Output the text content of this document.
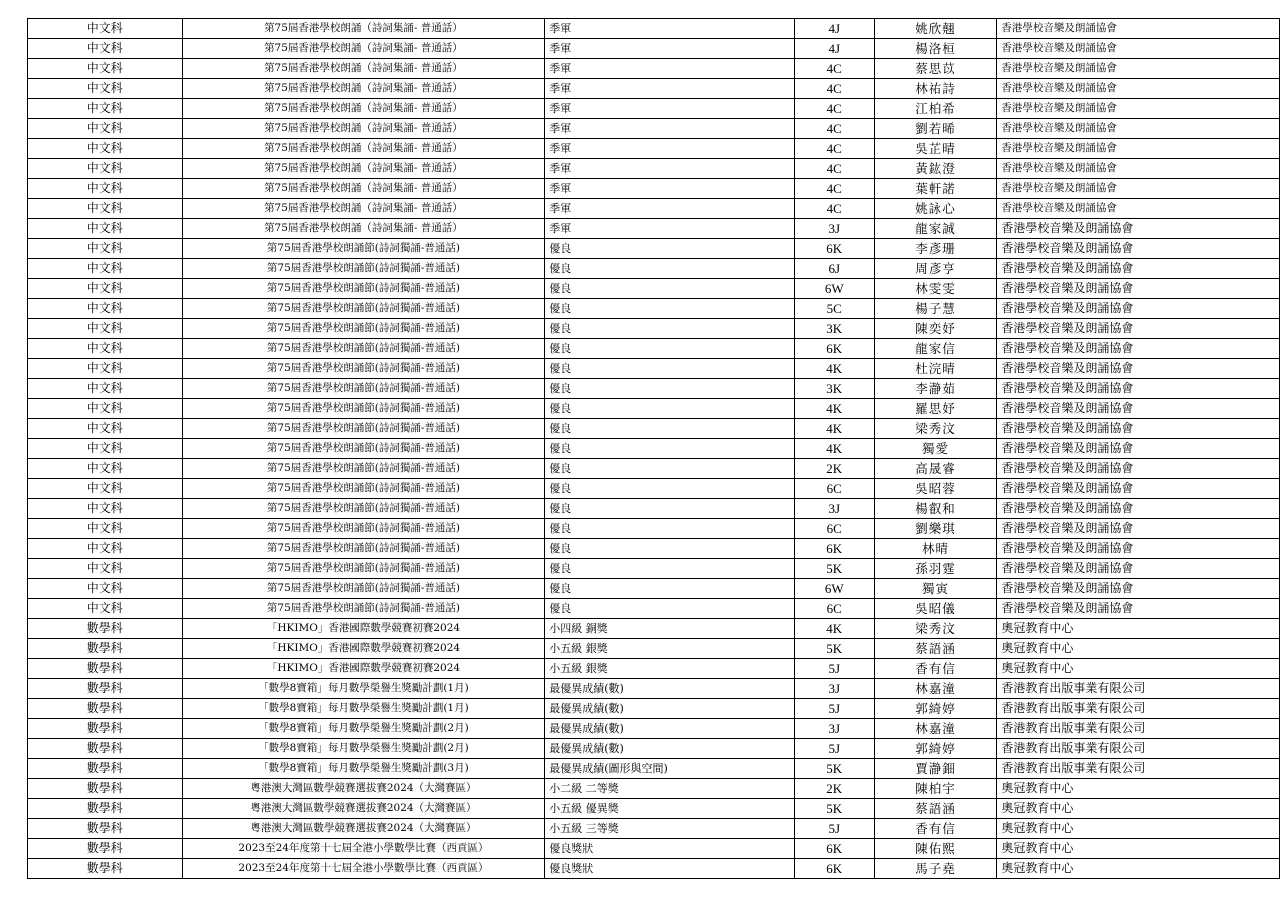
中文科	第75屆香港學校朗誦（詩詞集誦- 普通話）	季軍	4J	姚欣翹	香港學校音樂及朗誦協會
中文科	第75屆香港學校朗誦（詩詞集誦- 普通話）	季軍	4J	楊洛桓	香港學校音樂及朗誦協會
中文科	第75屆香港學校朗誦（詩詞集誦- 普通話）	季軍	4C	蔡思苡	香港學校音樂及朗誦協會
中文科	第75屆香港學校朗誦（詩詞集誦- 普通話）	季軍	4C	林祐詩	香港學校音樂及朗誦協會
中文科	第75屆香港學校朗誦（詩詞集誦- 普通話）	季軍	4C	江柏希	香港學校音樂及朗誦協會
中文科	第75屆香港學校朗誦（詩詞集誦- 普通話）	季軍	4C	劉若晞	香港學校音樂及朗誦協會
中文科	第75屆香港學校朗誦（詩詞集誦- 普通話）	季軍	4C	吳芷晴	香港學校音樂及朗誦協會
中文科	第75屆香港學校朗誦（詩詞集誦- 普通話）	季軍	4C	黃鈜澄	香港學校音樂及朗誦協會
中文科	第75屆香港學校朗誦（詩詞集誦- 普通話）	季軍	4C	葉軒諾	香港學校音樂及朗誦協會
中文科	第75屆香港學校朗誦（詩詞集誦- 普通話）	季軍	4C	姚詠心	香港學校音樂及朗誦協會
中文科	第75屆香港學校朗誦（詩詞集誦- 普通話）	季軍	3J	龍家誠	香港學校音樂及朗誦協會
中文科	第75屆香港學校朗誦節(詩詞獨誦-普通話)	優良	6K	李彥珊	香港學校音樂及朗誦協會
中文科	第75屆香港學校朗誦節(詩詞獨誦-普通話)	優良	6J	周彥亨	香港學校音樂及朗誦協會
中文科	第75屆香港學校朗誦節(詩詞獨誦-普通話)	優良	6W	林雯雯	香港學校音樂及朗誦協會
中文科	第75屆香港學校朗誦節(詩詞獨誦-普通話)	優良	5C	楊子慧	香港學校音樂及朗誦協會
中文科	第75屆香港學校朗誦節(詩詞獨誦-普通話)	優良	3K	陳奕妤	香港學校音樂及朗誦協會
中文科	第75屆香港學校朗誦節(詩詞獨誦-普通話)	優良	6K	龍家信	香港學校音樂及朗誦協會
中文科	第75屆香港學校朗誦節(詩詞獨誦-普通話)	優良	4K	杜浣晴	香港學校音樂及朗誦協會
中文科	第75屆香港學校朗誦節(詩詞獨誦-普通話)	優良	3K	李瀞茹	香港學校音樂及朗誦協會
中文科	第75屆香港學校朗誦節(詩詞獨誦-普通話)	優良	4K	羅思妤	香港學校音樂及朗誦協會
中文科	第75屆香港學校朗誦節(詩詞獨誦-普通話)	優良	4K	梁秀汶	香港學校音樂及朗誦協會
中文科	第75屆香港學校朗誦節(詩詞獨誦-普通話)	優良	4K	獨愛	香港學校音樂及朗誦協會
中文科	第75屆香港學校朗誦節(詩詞獨誦-普通話)	優良	2K	高晟睿	香港學校音樂及朗誦協會
中文科	第75屆香港學校朗誦節(詩詞獨誦-普通話)	優良	6C	吳昭蓉	香港學校音樂及朗誦協會
中文科	第75屆香港學校朗誦節(詩詞獨誦-普通話)	優良	3J	楊叡和	香港學校音樂及朗誦協會
中文科	第75屆香港學校朗誦節(詩詞獨誦-普通話)	優良	6C	劉樂琪	香港學校音樂及朗誦協會
中文科	第75屆香港學校朗誦節(詩詞獨誦-普通話)	優良	6K	林晴	香港學校音樂及朗誦協會
中文科	第75屆香港學校朗誦節(詩詞獨誦-普通話)	優良	5K	孫羽霆	香港學校音樂及朗誦協會
中文科	第75屆香港學校朗誦節(詩詞獨誦-普通話)	優良	6W	獨寅	香港學校音樂及朗誦協會
中文科	第75屆香港學校朗誦節(詩詞獨誦-普通話)	優良	6C	吳昭儀	香港學校音樂及朗誦協會
數學科	「HKIMO」香港國際數學競賽初賽2024	小四級 銅獎	4K	梁秀汶	奧冠教育中心
數學科	「HKIMO」香港國際數學競賽初賽2024	小五級 銀獎	5K	蔡語涵	奧冠教育中心
數學科	「HKIMO」香港國際數學競賽初賽2024	小五級 銀獎	5J	香有信	奧冠教育中心
數學科	「數學8寶箱」每月數學榮譽生獎勵計劃(1月)	最優異成績(數)	3J	林嘉潼	香港教育出版事業有限公司
數學科	「數學8寶箱」每月數學榮譽生獎勵計劃(1月)	最優異成績(數)	5J	郭綺婷	香港教育出版事業有限公司
數學科	「數學8寶箱」每月數學榮譽生獎勵計劃(2月)	最優異成績(數)	3J	林嘉潼	香港教育出版事業有限公司
數學科	「數學8寶箱」每月數學榮譽生獎勵計劃(2月)	最優異成績(數)	5J	郭綺婷	香港教育出版事業有限公司
數學科	「數學8寶箱」每月數學榮譽生獎勵計劃(3月)	最優異成績(圖形與空間)	5K	賈瀞鈿	香港教育出版事業有限公司
數學科	粵港澳大灣區數學競賽選拔賽2024（大灣賽區）	小二級 二等獎	2K	陳柏宇	奧冠教育中心
數學科	粵港澳大灣區數學競賽選拔賽2024（大灣賽區）	小五級 優異獎	5K	蔡語涵	奧冠教育中心
數學科	粵港澳大灣區數學競賽選拔賽2024（大灣賽區）	小五級 三等獎	5J	香有信	奧冠教育中心
數學科	2023至24年度第十七屆全港小學數學比賽（西貢區）	優良獎狀	6K	陳佑熙	奧冠教育中心
數學科	2023至24年度第十七屆全港小學數學比賽（西貢區）	優良獎狀	6K	馬子堯	奧冠教育中心
